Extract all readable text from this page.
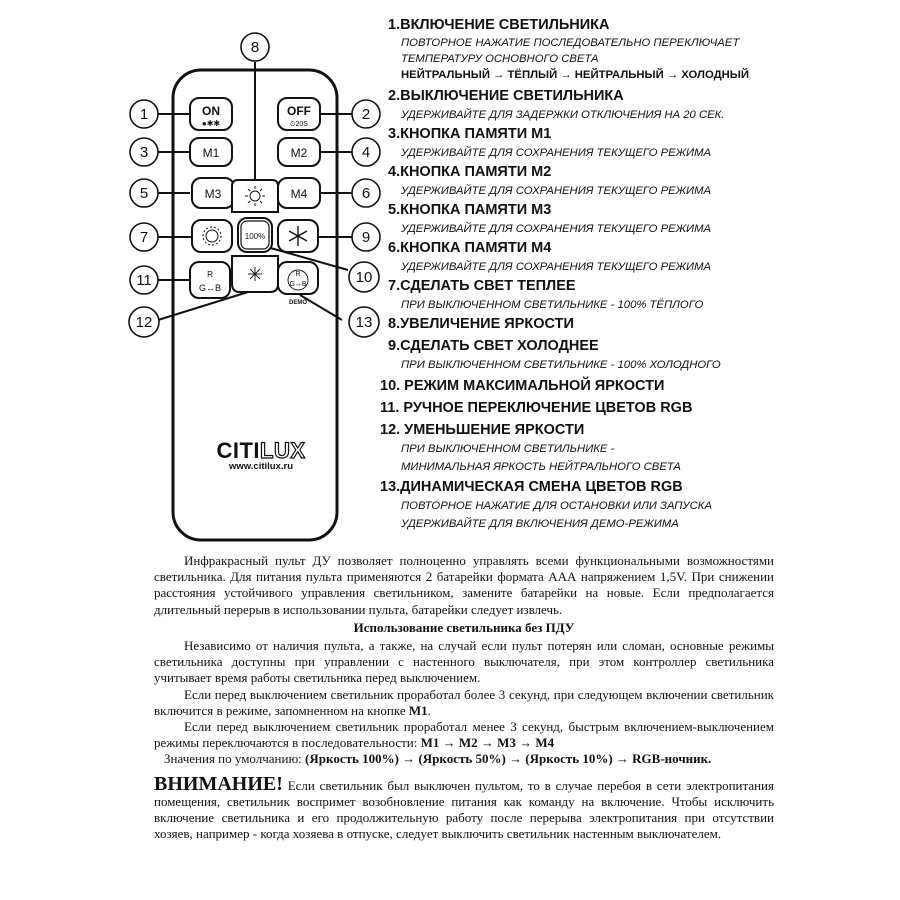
ON
●✱✱
OFF
⏲20S
M1	M2
M3	M4
100%
R
G↔B
R
G↔B
DEMO
1	2
3	4
5	6
7
8
9
10
11
12	13
CITILUX
www.citilux.ru
1.ВКЛЮЧЕНИЕ СВЕТИЛЬНИКА
ПОВТОРНОЕ НАЖАТИЕ ПОСЛЕДОВАТЕЛЬНО ПЕРЕКЛЮЧАЕТ
ТЕМПЕРАТУРУ ОСНОВНОГО СВЕТА
НЕЙТРАЛЬНЫЙ → ТЁПЛЫЙ → НЕЙТРАЛЬНЫЙ → ХОЛОДНЫЙ
2.ВЫКЛЮЧЕНИЕ СВЕТИЛЬНИКА
УДЕРЖИВАЙТЕ ДЛЯ ЗАДЕРЖКИ ОТКЛЮЧЕНИЯ НА 20 СЕК.
3.КНОПКА ПАМЯТИ М1
УДЕРЖИВАЙТЕ ДЛЯ СОХРАНЕНИЯ ТЕКУЩЕГО РЕЖИМА
4.КНОПКА ПАМЯТИ М2
УДЕРЖИВАЙТЕ ДЛЯ СОХРАНЕНИЯ ТЕКУЩЕГО РЕЖИМА
5.КНОПКА ПАМЯТИ М3
УДЕРЖИВАЙТЕ ДЛЯ СОХРАНЕНИЯ ТЕКУЩЕГО РЕЖИМА
6.КНОПКА ПАМЯТИ М4
УДЕРЖИВАЙТЕ ДЛЯ СОХРАНЕНИЯ ТЕКУЩЕГО РЕЖИМА
7.СДЕЛАТЬ СВЕТ ТЕПЛЕЕ
ПРИ ВЫКЛЮЧЕННОМ СВЕТИЛЬНИКЕ - 100% ТЁПЛОГО
8.УВЕЛИЧЕНИЕ ЯРКОСТИ
9.СДЕЛАТЬ СВЕТ ХОЛОДНЕЕ
ПРИ ВЫКЛЮЧЕННОМ СВЕТИЛЬНИКЕ - 100% ХОЛОДНОГО
10. РЕЖИМ МАКСИМАЛЬНОЙ ЯРКОСТИ
11. РУЧНОЕ ПЕРЕКЛЮЧЕНИЕ ЦВЕТОВ RGB
12. УМЕНЬШЕНИЕ ЯРКОСТИ
ПРИ ВЫКЛЮЧЕННОМ СВЕТИЛЬНИКЕ -
МИНИМАЛЬНАЯ ЯРКОСТЬ НЕЙТРАЛЬНОГО СВЕТА
13.ДИНАМИЧЕСКАЯ СМЕНА ЦВЕТОВ RGB
ПОВТОРНОЕ НАЖАТИЕ ДЛЯ ОСТАНОВКИ ИЛИ ЗАПУСКА
УДЕРЖИВАЙТЕ ДЛЯ ВКЛЮЧЕНИЯ ДЕМО-РЕЖИМА

Инфракрасный пульт ДУ позволяет полноценно управлять всеми функциональными возможностями светильника. Для питания пульта применяются 2 батарейки формата ААА напряжением 1,5V. При снижении расстояния устойчивого управления светильником, замените батарейки на новые. Если предполагается длительный перерыв в использовании пульта, батарейки следует извлечь.

Использование светильника без ПДУ

Независимо от наличия пульта, а также, на случай если пульт потерян или сломан, основные режимы светильника доступны при управлении с настенного выключателя, при этом контроллер светильника учитывает время работы светильника перед выключением.

Если перед выключением светильник проработал более 3 секунд, при следующем включении светильник включится в режиме, запомненном на кнопке М1.

Если перед выключением светильник проработал менее 3 секунд, быстрым включением-выключением режимы переключаются в последовательности: М1 → М2 → М3 → М4

Значения по умолчанию: (Яркость 100%) → (Яркость 50%) → (Яркость 10%) → RGB-ночник.

ВНИМАНИЕ! Если светильник был выключен пультом, то в случае перебоя в сети электропитания помещения, светильник воспримет возобновление питания как команду на включение. Чтобы исключить включение светильника и его продолжительную работу после перерыва электропитания при отсутствии хозяев, например - когда хозяева в отпуске, следует выключить светильник настенным выключателем.
